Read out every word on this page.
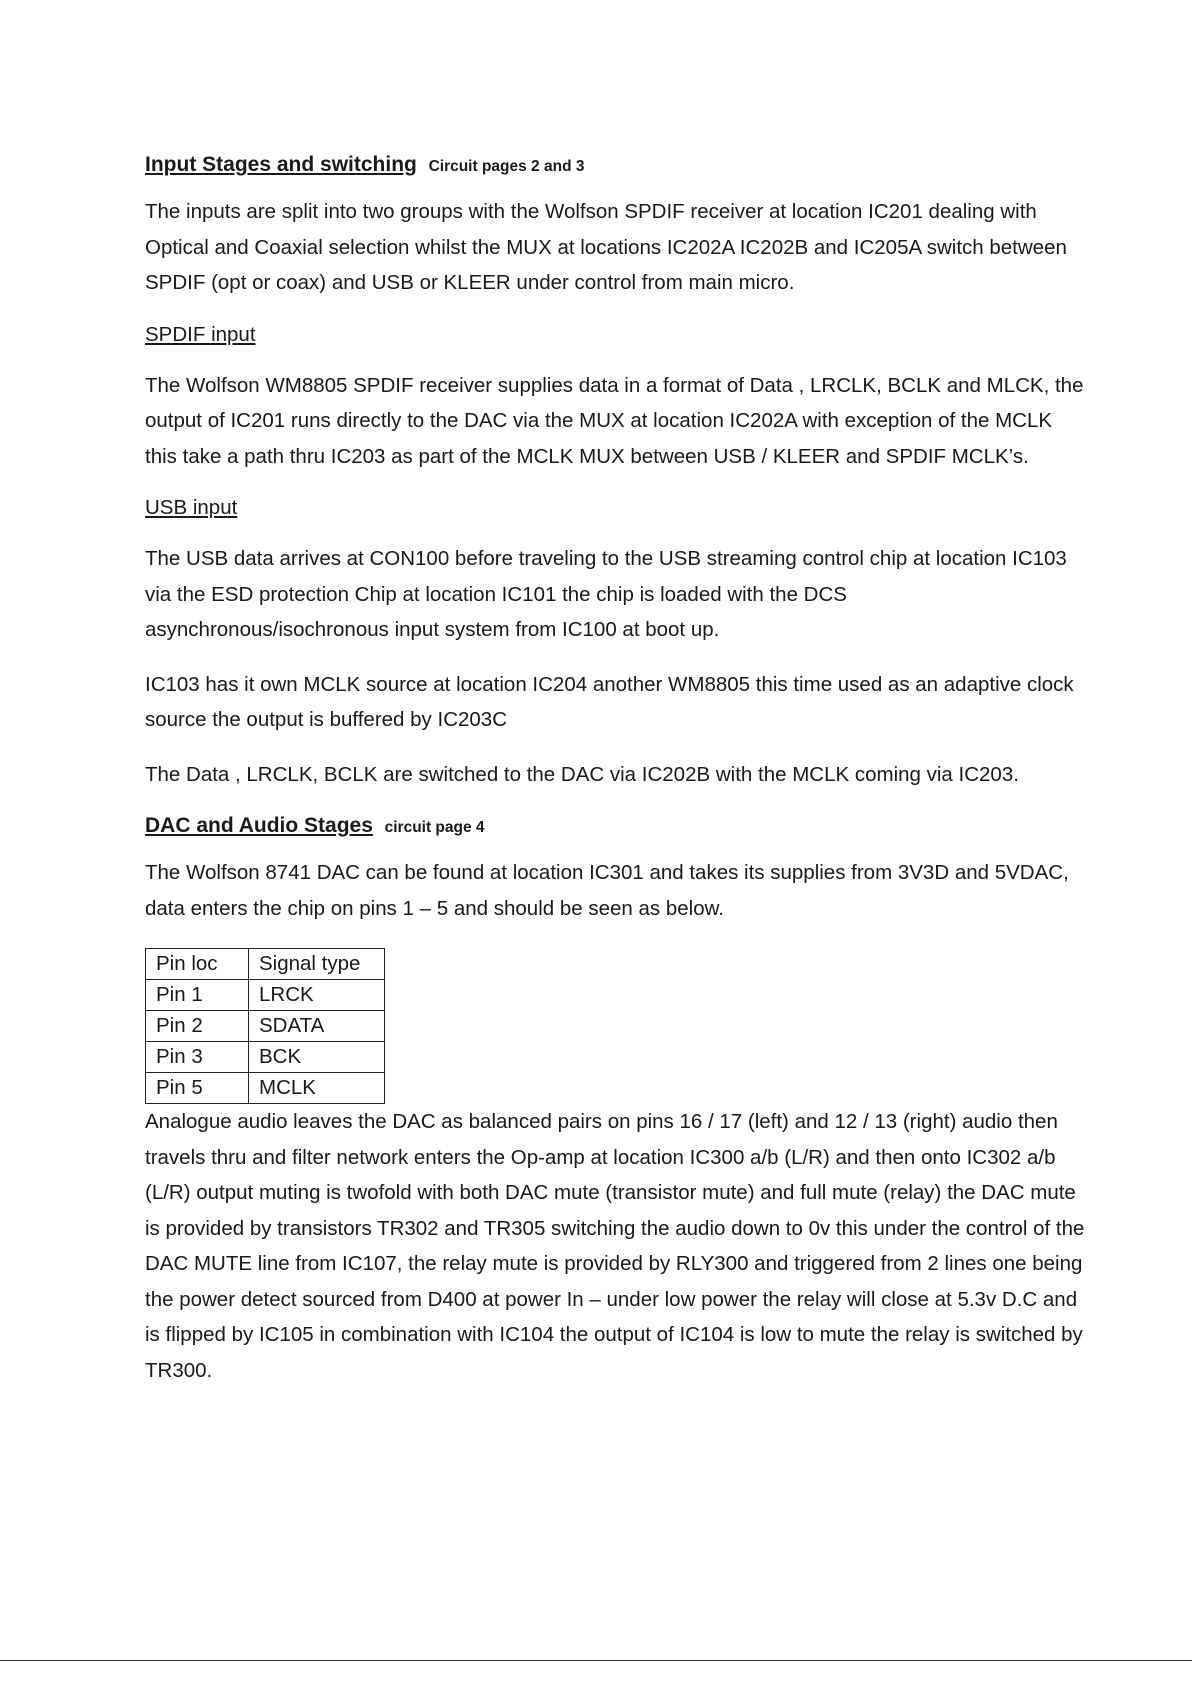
Input Stages and switching Circuit pages 2 and 3

The inputs are split into two groups with the Wolfson SPDIF receiver at location IC201 dealing with Optical and Coaxial selection whilst the MUX at locations IC202A IC202B and IC205A switch between SPDIF (opt or coax) and USB or KLEER under control from main micro.

SPDIF input

The Wolfson WM8805 SPDIF receiver supplies data in a format of Data , LRCLK, BCLK and MLCK, the output of IC201 runs directly to the DAC via the MUX at location IC202A with exception of the MCLK this take a path thru IC203 as part of the MCLK MUX between USB / KLEER and SPDIF MCLK’s.

USB input

The USB data arrives at CON100 before traveling to the USB streaming control chip at location IC103 via the ESD protection Chip at location IC101 the chip is loaded with the DCS asynchronous/isochronous input system from IC100 at boot up.

IC103 has it own MCLK source at location IC204 another WM8805 this time used as an adaptive clock source the output is buffered by IC203C

The Data , LRCLK, BCLK are switched to the DAC via IC202B with the MCLK coming via IC203.

DAC and Audio Stages circuit page 4

The Wolfson 8741 DAC can be found at location IC301 and takes its supplies from 3V3D and 5VDAC, data enters the chip on pins 1 – 5 and should be seen as below.

Pin loc	Signal type
Pin 1	LRCK
Pin 2	SDATA
Pin 3	BCK
Pin 5	MCLK

Analogue audio leaves the DAC as balanced pairs on pins 16 / 17 (left) and 12 / 13 (right) audio then travels thru and filter network enters the Op-amp at location IC300 a/b (L/R) and then onto IC302 a/b (L/R) output muting is twofold with both DAC mute (transistor mute) and full mute (relay) the DAC mute is provided by transistors TR302 and TR305 switching the audio down to 0v this under the control of the DAC MUTE line from IC107, the relay mute is provided by RLY300 and triggered from 2 lines one being the power detect sourced from D400 at power In – under low power the relay will close at 5.3v D.C and is flipped by IC105 in combination with IC104 the output of IC104 is low to mute the relay is switched by TR300.
